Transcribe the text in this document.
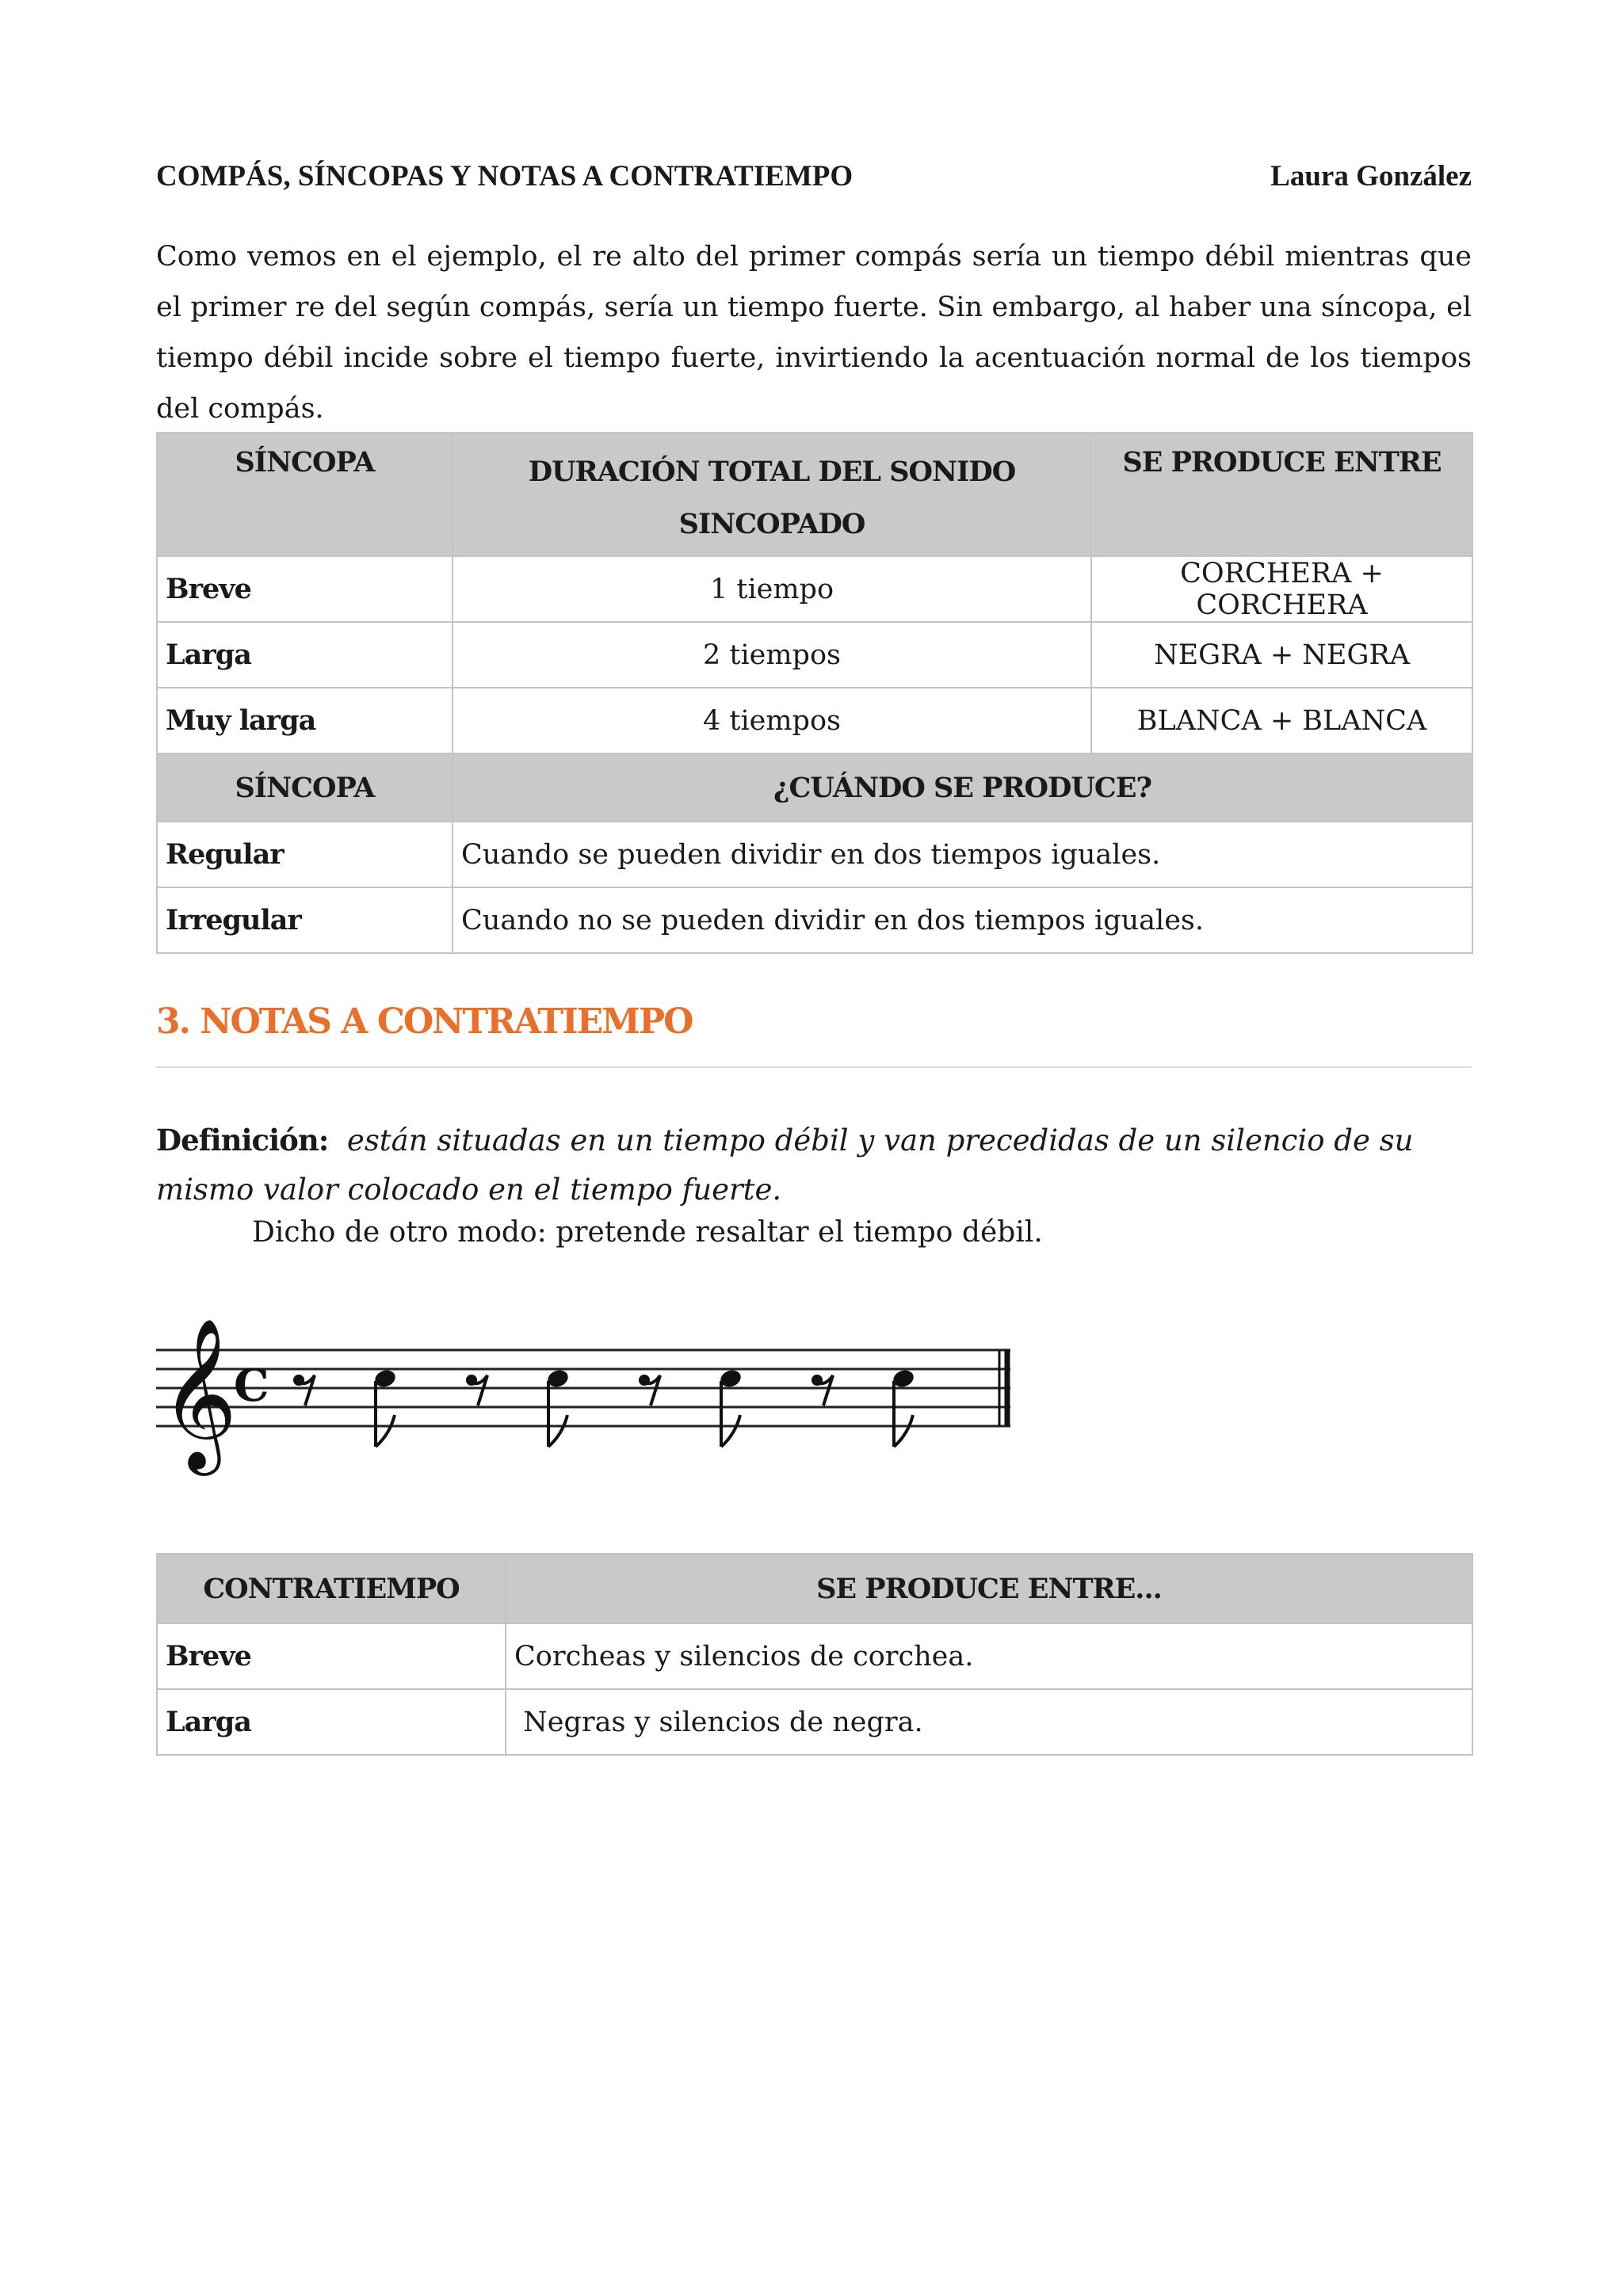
COMPÁS, SÍNCOPAS Y NOTAS A CONTRATIEMPO	Laura González

Como vemos en el ejemplo, el re alto del primer compás sería un tiempo débil mientras que el primer re del según compás, sería un tiempo fuerte. Sin embargo, al haber una síncopa, el tiempo débil incide sobre el tiempo fuerte, invirtiendo la acentuación normal de los tiempos del compás.

SÍNCOPA	DURACIÓN TOTAL DEL SONIDO SINCOPADO	SE PRODUCE ENTRE
Breve	1 tiempo	CORCHERA + CORCHERA
Larga	2 tiempos	NEGRA + NEGRA
Muy larga	4 tiempos	BLANCA + BLANCA
SÍNCOPA	¿CUÁNDO SE PRODUCE?	
Regular	Cuando se pueden dividir en dos tiempos iguales.	
Irregular	Cuando no se pueden dividir en dos tiempos iguales.	
3. NOTAS A CONTRATIEMPO

Definición: están situadas en un tiempo débil y van precedidas de un silencio de su mismo valor colocado en el tiempo fuerte.

Dicho de otro modo: pretende resaltar el tiempo débil.

𝄞
C
CONTRATIEMPO	SE PRODUCE ENTRE...
Breve	Corcheas y silencios de corchea.
Larga	Negras y silencios de negra.
